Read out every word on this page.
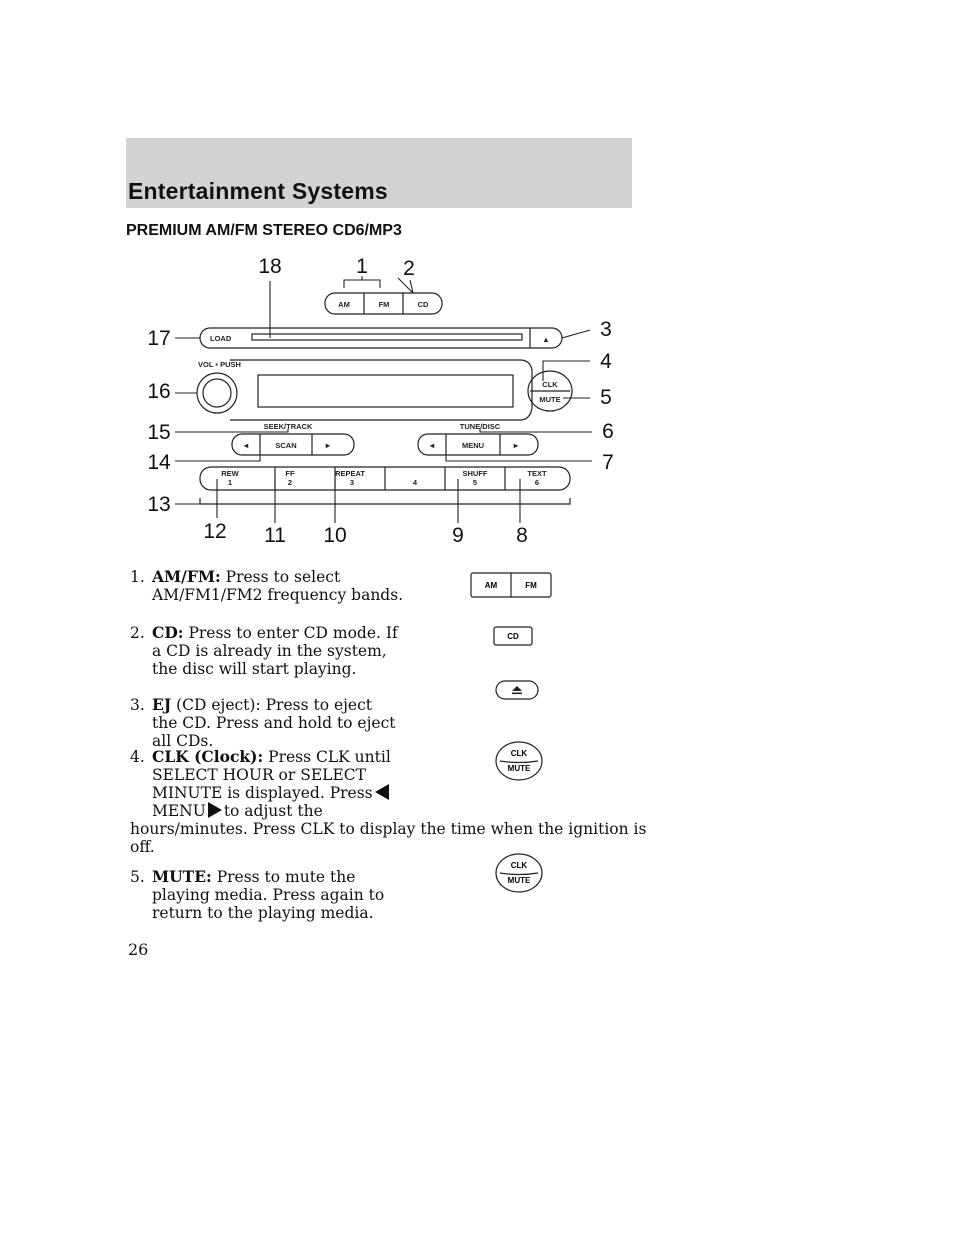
Entertainment Systems
PREMIUM AM/FM STEREO CD6/MP3
AM	FM	CD
LOAD	▲
VOL • PUSH
CLK
MUTE
SEEK/TRACK
◄	SCAN	►
TUNE/DISC
◄	MENU	►
REW
1
FF
2
REPEAT
3	4
SHUFF
5
TEXT
6
1 2
3
4
5
6
7
8
9
10
11
12
13
14
15
16
17
18
1. AM/FM: Press to select
AM/FM1/FM2 frequency bands.
2. CD: Press to enter CD mode. If
a CD is already in the system,
the disc will start playing.
3. EJ (CD eject): Press to eject
the CD. Press and hold to eject
all CDs.
4. CLK (Clock): Press CLK until
SELECT HOUR or SELECT
MINUTE is displayed. Press
MENU to adjust the
hours/minutes. Press CLK to display the time when the ignition is
off.
5. MUTE: Press to mute the
playing media. Press again to
return to the playing media.
AM	FM
CD
CLK
MUTE
CLK
MUTE
26
